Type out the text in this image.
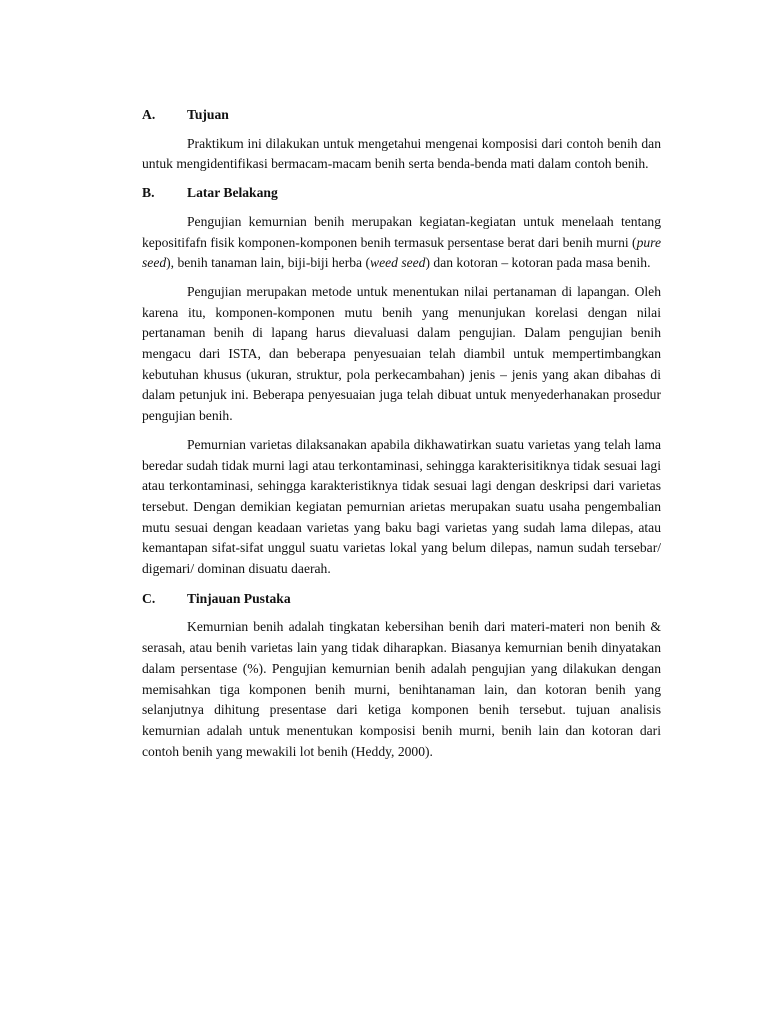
A.	Tujuan

Praktikum ini dilakukan untuk mengetahui mengenai komposisi dari contoh benih dan untuk mengidentifikasi bermacam-macam benih serta benda-benda mati dalam contoh benih.

B.	Latar Belakang

Pengujian kemurnian benih merupakan kegiatan-kegiatan untuk menelaah tentang kepositifafn fisik komponen-komponen benih termasuk persentase berat dari benih murni (pure seed), benih tanaman lain, biji-biji herba (weed seed) dan kotoran – kotoran pada masa benih.

Pengujian merupakan metode untuk menentukan nilai pertanaman di lapangan. Oleh karena itu, komponen-komponen mutu benih yang menunjukan korelasi dengan nilai pertanaman benih di lapang harus dievaluasi dalam pengujian. Dalam pengujian benih mengacu dari ISTA, dan beberapa penyesuaian telah diambil untuk mempertimbangkan kebutuhan khusus (ukuran, struktur, pola perkecambahan) jenis – jenis yang akan dibahas di dalam petunjuk ini. Beberapa penyesuaian juga telah dibuat untuk menyederhanakan prosedur pengujian benih.

Pemurnian varietas dilaksanakan apabila dikhawatirkan suatu varietas yang telah lama beredar sudah tidak murni lagi atau terkontaminasi, sehingga karakterisitiknya tidak sesuai lagi atau terkontaminasi, sehingga karakteristiknya tidak sesuai lagi dengan deskripsi dari varietas tersebut. Dengan demikian kegiatan pemurnian arietas merupakan suatu usaha pengembalian mutu sesuai dengan keadaan varietas yang baku bagi varietas yang sudah lama dilepas, atau kemantapan sifat-sifat unggul suatu varietas lokal yang belum dilepas, namun sudah tersebar/ digemari/ dominan disuatu daerah.

C.	Tinjauan Pustaka

Kemurnian benih adalah tingkatan kebersihan benih dari materi-materi non benih & serasah, atau benih varietas lain yang tidak diharapkan. Biasanya kemurnian benih dinyatakan dalam persentase (%). Pengujian kemurnian benih adalah pengujian yang dilakukan dengan memisahkan tiga komponen benih murni, benihtanaman lain, dan kotoran benih yang selanjutnya dihitung presentase dari ketiga komponen benih tersebut. tujuan analisis kemurnian adalah untuk menentukan komposisi benih murni, benih lain dan kotoran dari contoh benih yang mewakili lot benih (Heddy, 2000).
